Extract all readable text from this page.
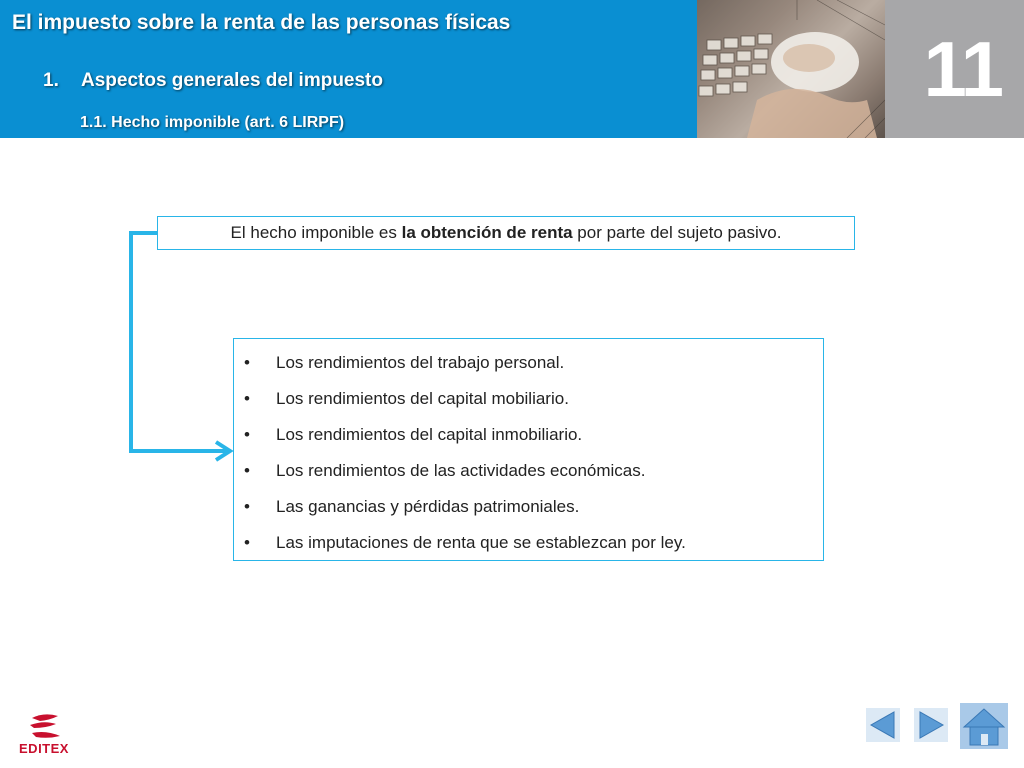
El impuesto sobre la renta de las personas físicas
1. Aspectos generales del impuesto
1.1. Hecho imponible (art. 6 LIRPF)
11
El hecho imponible es la obtención de renta por parte del sujeto pasivo.
• Los rendimientos del trabajo personal.
• Los rendimientos del capital mobiliario.
• Los rendimientos del capital inmobiliario.
• Los rendimientos de las actividades económicas.
• Las ganancias y pérdidas patrimoniales.
• Las imputaciones de renta que se establezcan por ley.
EDITEX
